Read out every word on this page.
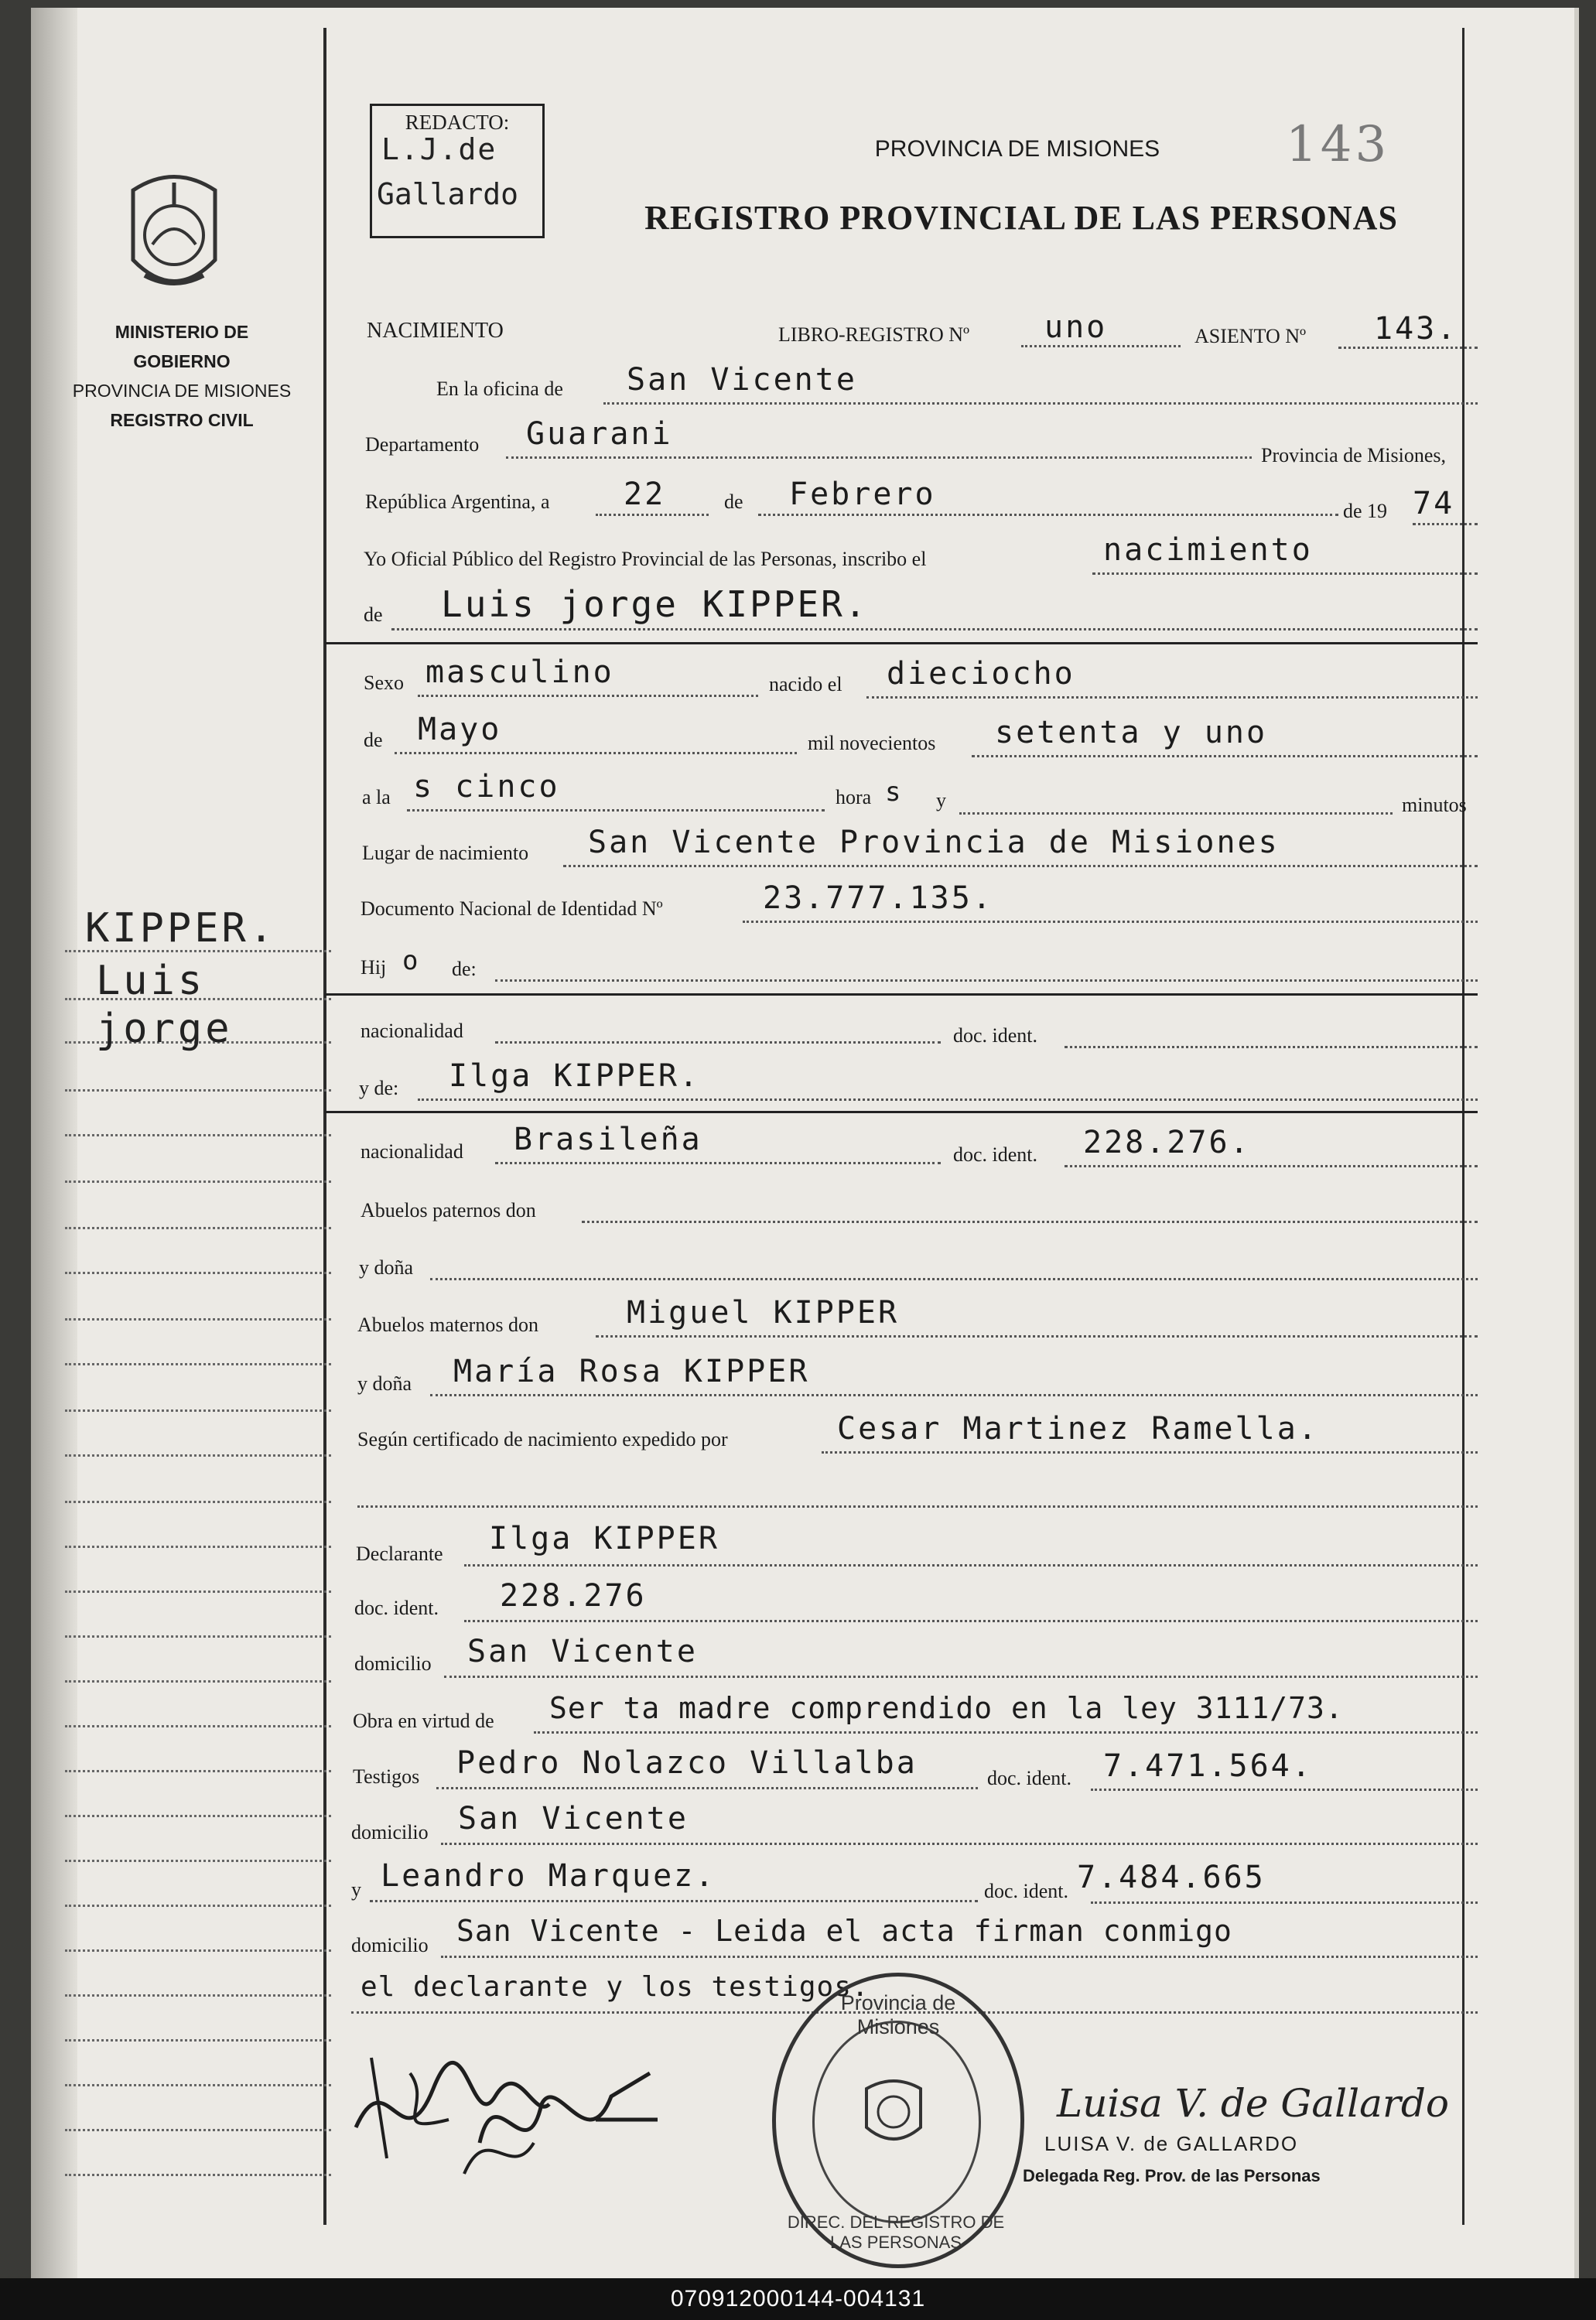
MINISTERIO DE GOBIERNO
PROVINCIA DE MISIONES
REGISTRO CIVIL
REDACTO:
L.J.de
Gallardo
PROVINCIA DE MISIONES	143
REGISTRO PROVINCIAL DE LAS PERSONAS
NACIMIENTO	LIBRO-REGISTRO Nº uno	ASIENTO Nº 143.
En la oficina de San Vicente
Departamento Guarani
Provincia de Misiones,
República Argentina, a 22	de Febrero	de 19 74
Yo Oficial Público del Registro Provincial de las Personas, inscribo el	nacimiento
de Luis jorge KIPPER.
Sexo masculino	nacido el dieciocho
de Mayo	mil novecientos setenta y uno
a la s cinco	hora s y	minutos
Lugar de nacimiento San Vicente Provincia de Misiones
Documento Nacional de Identidad Nº	23.777.135.
Hij o de:
nacionalidad	doc. ident.
y de: Ilga KIPPER.
nacionalidad Brasileña	doc. ident. 228.276.
Abuelos paternos don
y doña
Abuelos maternos don	Miguel KIPPER
y doña María Rosa KIPPER
Según certificado de nacimiento expedido por	Cesar Martinez Ramella.
Declarante Ilga KIPPER
doc. ident. 228.276
domicilio San Vicente
Obra en virtud de Ser ta madre comprendido en la ley 3111/73.
Testigos Pedro Nolazco Villalba	doc. ident. 7.471.564.
domicilio San Vicente
y Leandro Marquez.	doc. ident. 7.484.665
domicilio San Vicente - Leida el acta firman conmigo
el declarante y los testigos.
KIPPER.
Luis
jorge
Provincia de Misiones
DIREC. DEL REGISTRO DE LAS PERSONAS
Luisa V. de Gallardo
LUISA V. de GALLARDO
Delegada Reg. Prov. de las Personas
070912000144-004131
